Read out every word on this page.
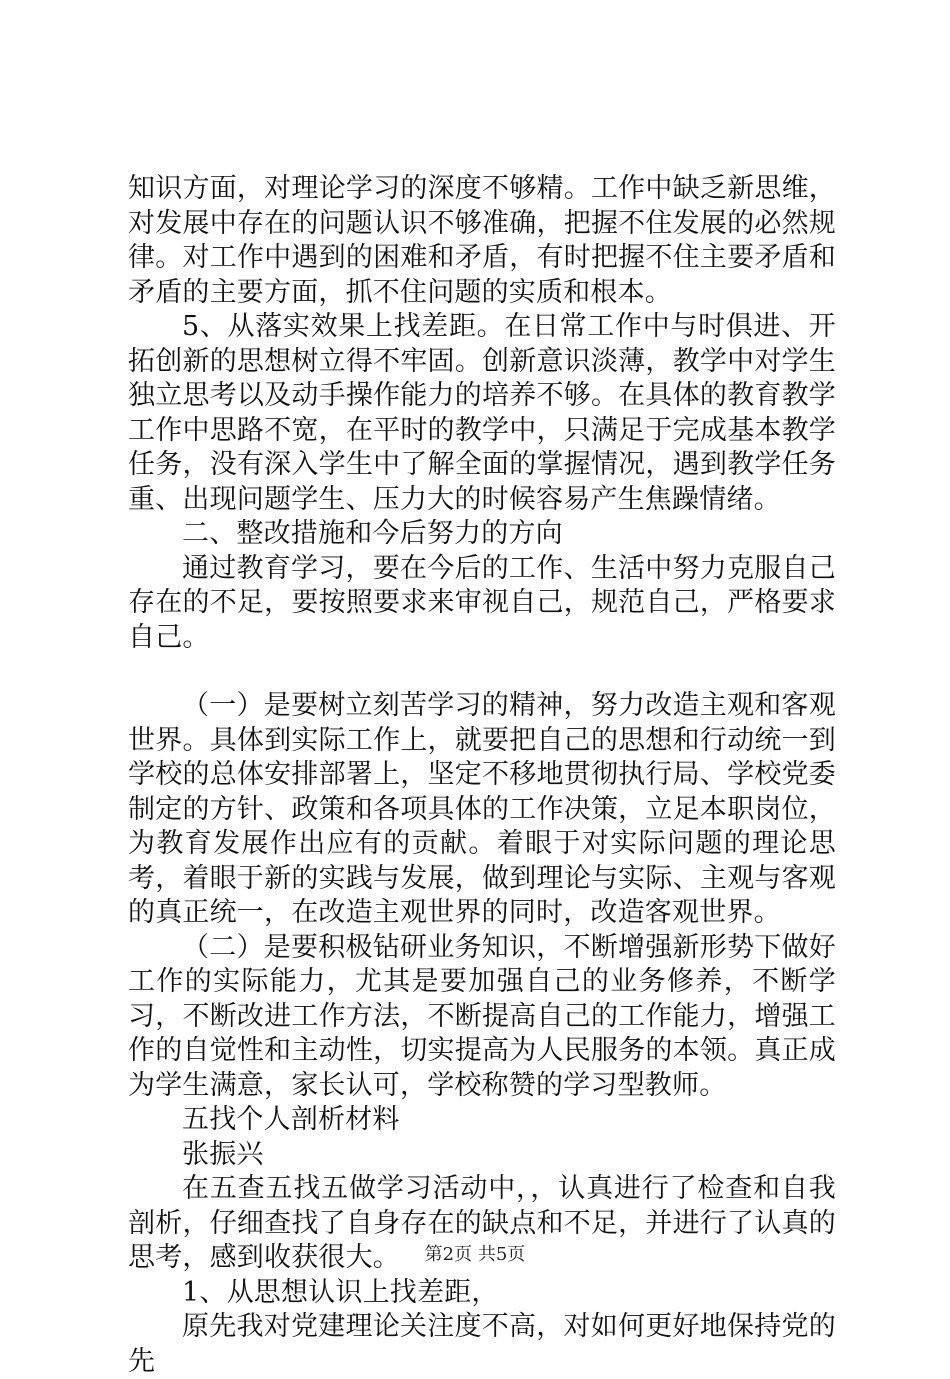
知识方面，对理论学习的深度不够精。工作中缺乏新思维，对发展中存在的问题认识不够准确，把握不住发展的必然规律。对工作中遇到的困难和矛盾，有时把握不住主要矛盾和矛盾的主要方面，抓不住问题的实质和根本。

5、从落实效果上找差距。在日常工作中与时俱进、开拓创新的思想树立得不牢固。创新意识淡薄，教学中对学生独立思考以及动手操作能力的培养不够。在具体的教育教学工作中思路不宽，在平时的教学中，只满足于完成基本教学任务，没有深入学生中了解全面的掌握情况，遇到教学任务重、出现问题学生、压力大的时候容易产生焦躁情绪。

二、整改措施和今后努力的方向

通过教育学习，要在今后的工作、生活中努力克服自己存在的不足，要按照要求来审视自己，规范自己，严格要求自己。

（一）是要树立刻苦学习的精神，努力改造主观和客观世界。具体到实际工作上，就要把自己的思想和行动统一到学校的总体安排部署上，坚定不移地贯彻执行局、学校党委制定的方针、政策和各项具体的工作决策，立足本职岗位，为教育发展作出应有的贡献。着眼于对实际问题的理论思考，着眼于新的实践与发展，做到理论与实际、主观与客观的真正统一，在改造主观世界的同时，改造客观世界。

（二）是要积极钻研业务知识，不断增强新形势下做好工作的实际能力，尤其是要加强自己的业务修养，不断学习，不断改进工作方法，不断提高自己的工作能力，增强工作的自觉性和主动性，切实提高为人民服务的本领。真正成为学生满意，家长认可，学校称赞的学习型教师。

五找个人剖析材料

张振兴

在五查五找五做学习活动中，，认真进行了检查和自我剖析，仔细查找了自身存在的缺点和不足，并进行了认真的思考，感到收获很大。

1、从思想认识上找差距，

原先我对党建理论关注度不高，对如何更好地保持党的先

第2页 共5页
